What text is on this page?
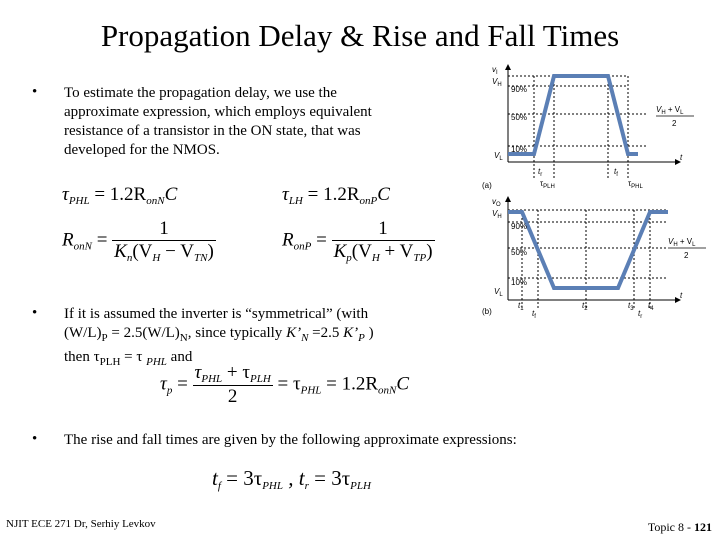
Propagation Delay & Rise and Fall Times
• To estimate the propagation delay, we use the
approximate expression, which employs equivalent
resistance of a transistor in the ON state, that was
developed for the NMOS.
$\tau_{PHL} = 1.2R_{onN}C$	$\tau_{LH} = 1.2R_{onP}C$
$R_{onN} = \frac{1}{K_n(V_H - V_{TN})}$	$R_{onP} = \frac{1}{K_p(V_H + V_{TP})}$
• If it is assumed the inverter is “symmetrical” (with
$(W/L)_P = 2.5(W/L)_N$, since typically $K’_N =2.5$ $K’_P$ )
then $\tau_{PLH} = \tau$ $_{PHL}$ and
$\tau_p = \frac{\tau_{PHL} + \tau_{PLH}}{2} = \tau_{PHL} = 1.2R_{onN}C$
• The rise and fall times are given by the following approximate expressions:
$t_f = 3\tau_{PHL}$ , $t_r = 3\tau_{PLH}$
$v_I$
$V_H$ 90%
50%
10%
$V_L$	t
$t_r$	$t_f$
$\tau_{PLH}$	$\tau_{PHL}$
$V_H + V_L$
2
(a)
$v_O$
$V_H$
90%
50%
10%
$V_L$	t
$t_1$ $t_f$
$t_2$	$t_3$ $t_r$
$t_4$
$V_H + V_L$
2
(b)
NJIT ECE 271 Dr, Serhiy Levkov	Topic 8 - 121
